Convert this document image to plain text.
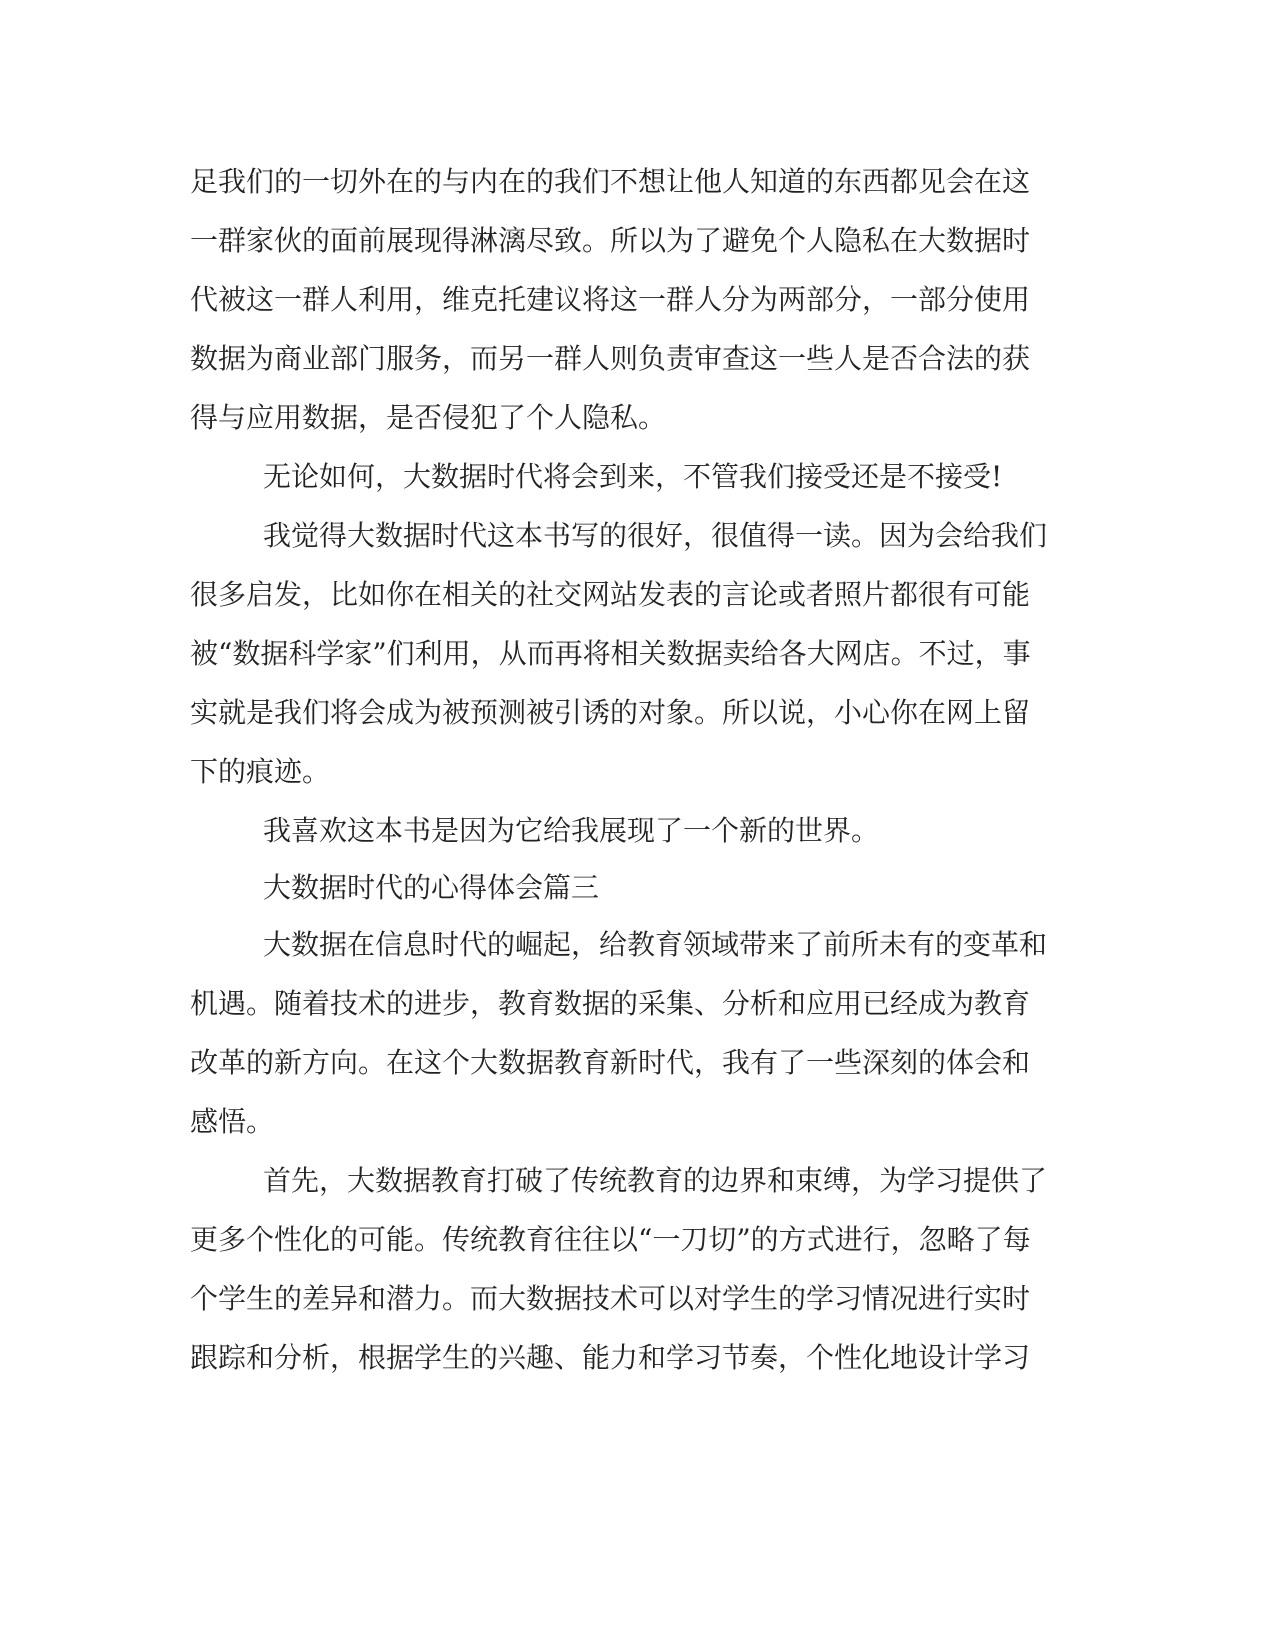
足我们的一切外在的与内在的我们不想让他人知道的东西都见会在这

一群家伙的面前展现得淋漓尽致。所以为了避免个人隐私在大数据时

代被这一群人利用，维克托建议将这一群人分为两部分，一部分使用

数据为商业部门服务，而另一群人则负责审查这一些人是否合法的获

得与应用数据，是否侵犯了个人隐私。

无论如何，大数据时代将会到来，不管我们接受还是不接受!

我觉得大数据时代这本书写的很好，很值得一读。因为会给我们

很多启发，比如你在相关的社交网站发表的言论或者照片都很有可能

被“数据科学家”们利用，从而再将相关数据卖给各大网店。不过，事

实就是我们将会成为被预测被引诱的对象。所以说，小心你在网上留

下的痕迹。

我喜欢这本书是因为它给我展现了一个新的世界。

大数据时代的心得体会篇三

大数据在信息时代的崛起，给教育领域带来了前所未有的变革和

机遇。随着技术的进步，教育数据的采集、分析和应用已经成为教育

改革的新方向。在这个大数据教育新时代，我有了一些深刻的体会和

感悟。

首先，大数据教育打破了传统教育的边界和束缚，为学习提供了

更多个性化的可能。传统教育往往以“一刀切”的方式进行，忽略了每

个学生的差异和潜力。而大数据技术可以对学生的学习情况进行实时

跟踪和分析，根据学生的兴趣、能力和学习节奏，个性化地设计学习
